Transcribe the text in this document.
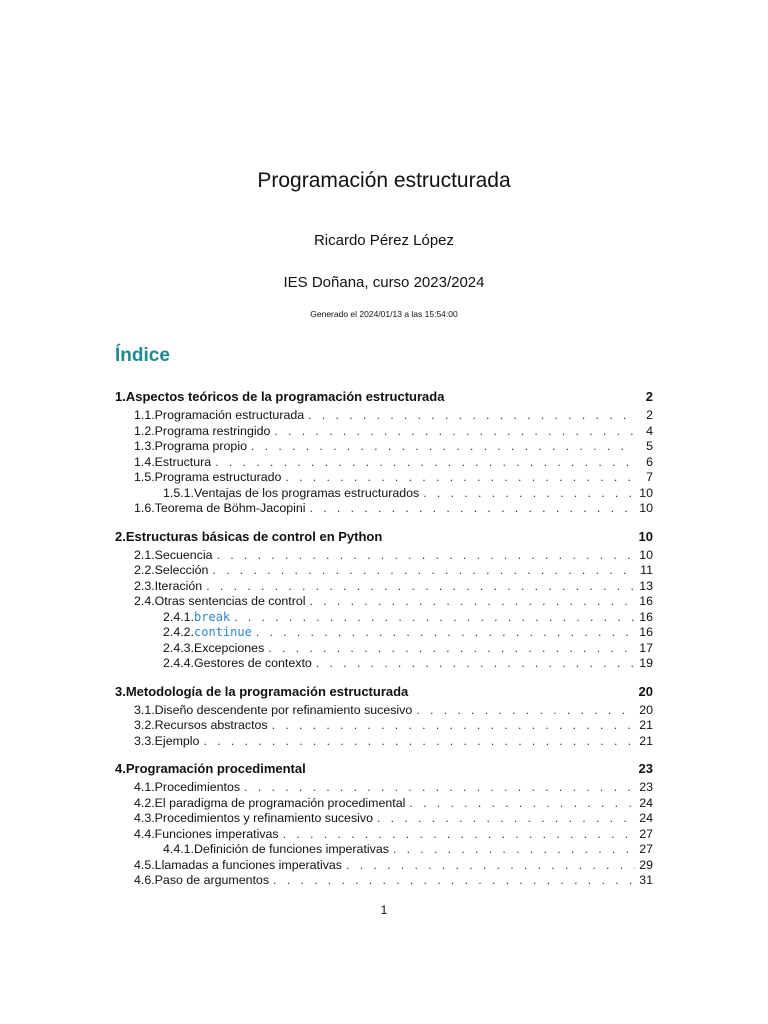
Programación estructurada
Ricardo Pérez López
IES Doñana, curso 2023/2024
Generado el 2024/01/13 a las 15:54:00
Índice
1. Aspectos teóricos de la programación estructurada	2
1.1. Programación estructurada . . .	2
1.2. Programa restringido . . .	4
1.3. Programa propio . . .	5
1.4. Estructura . . .	6
1.5. Programa estructurado . . .	7
1.5.1. Ventajas de los programas estructurados . . .	10
1.6. Teorema de Böhm-Jacopini . . .	10
2. Estructuras básicas de control en Python	10
2.1. Secuencia . . .	10
2.2. Selección . . .	11
2.3. Iteración . . .	13
2.4. Otras sentencias de control . . .	16
2.4.1. break . . .	16
2.4.2. continue . . .	16
2.4.3. Excepciones . . .	17
2.4.4. Gestores de contexto . . .	19
3. Metodología de la programación estructurada	20
3.1. Diseño descendente por refinamiento sucesivo . . .	20
3.2. Recursos abstractos . . .	21
3.3. Ejemplo . . .	21
4. Programación procedimental	23
4.1. Procedimientos . . .	23
4.2. El paradigma de programación procedimental . . .	24
4.3. Procedimientos y refinamiento sucesivo . . .	24
4.4. Funciones imperativas . . .	27
4.4.1. Definición de funciones imperativas . . .	27
4.5. Llamadas a funciones imperativas . . .	29
4.6. Paso de argumentos . . .	31
1
